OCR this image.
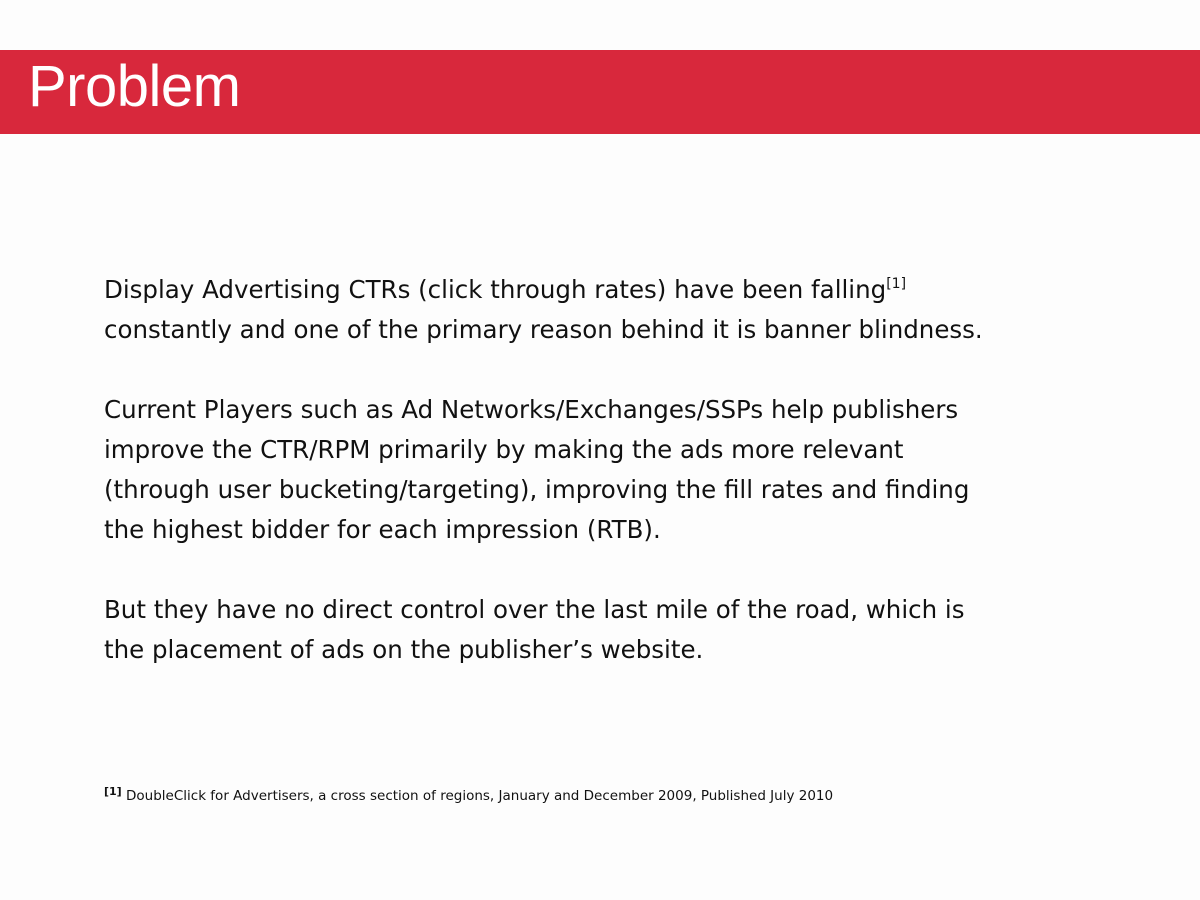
Problem

Display Advertising CTRs (click through rates) have been falling[1]
constantly and one of the primary reason behind it is banner blindness.

Current Players such as Ad Networks/Exchanges/SSPs help publishers
improve the CTR/RPM primarily by making the ads more relevant
(through user bucketing/targeting), improving the fill rates and finding
the highest bidder for each impression (RTB).

But they have no direct control over the last mile of the road, which is
the placement of ads on the publisher’s website.

[1] DoubleClick for Advertisers, a cross section of regions, January and December 2009, Published July 2010
